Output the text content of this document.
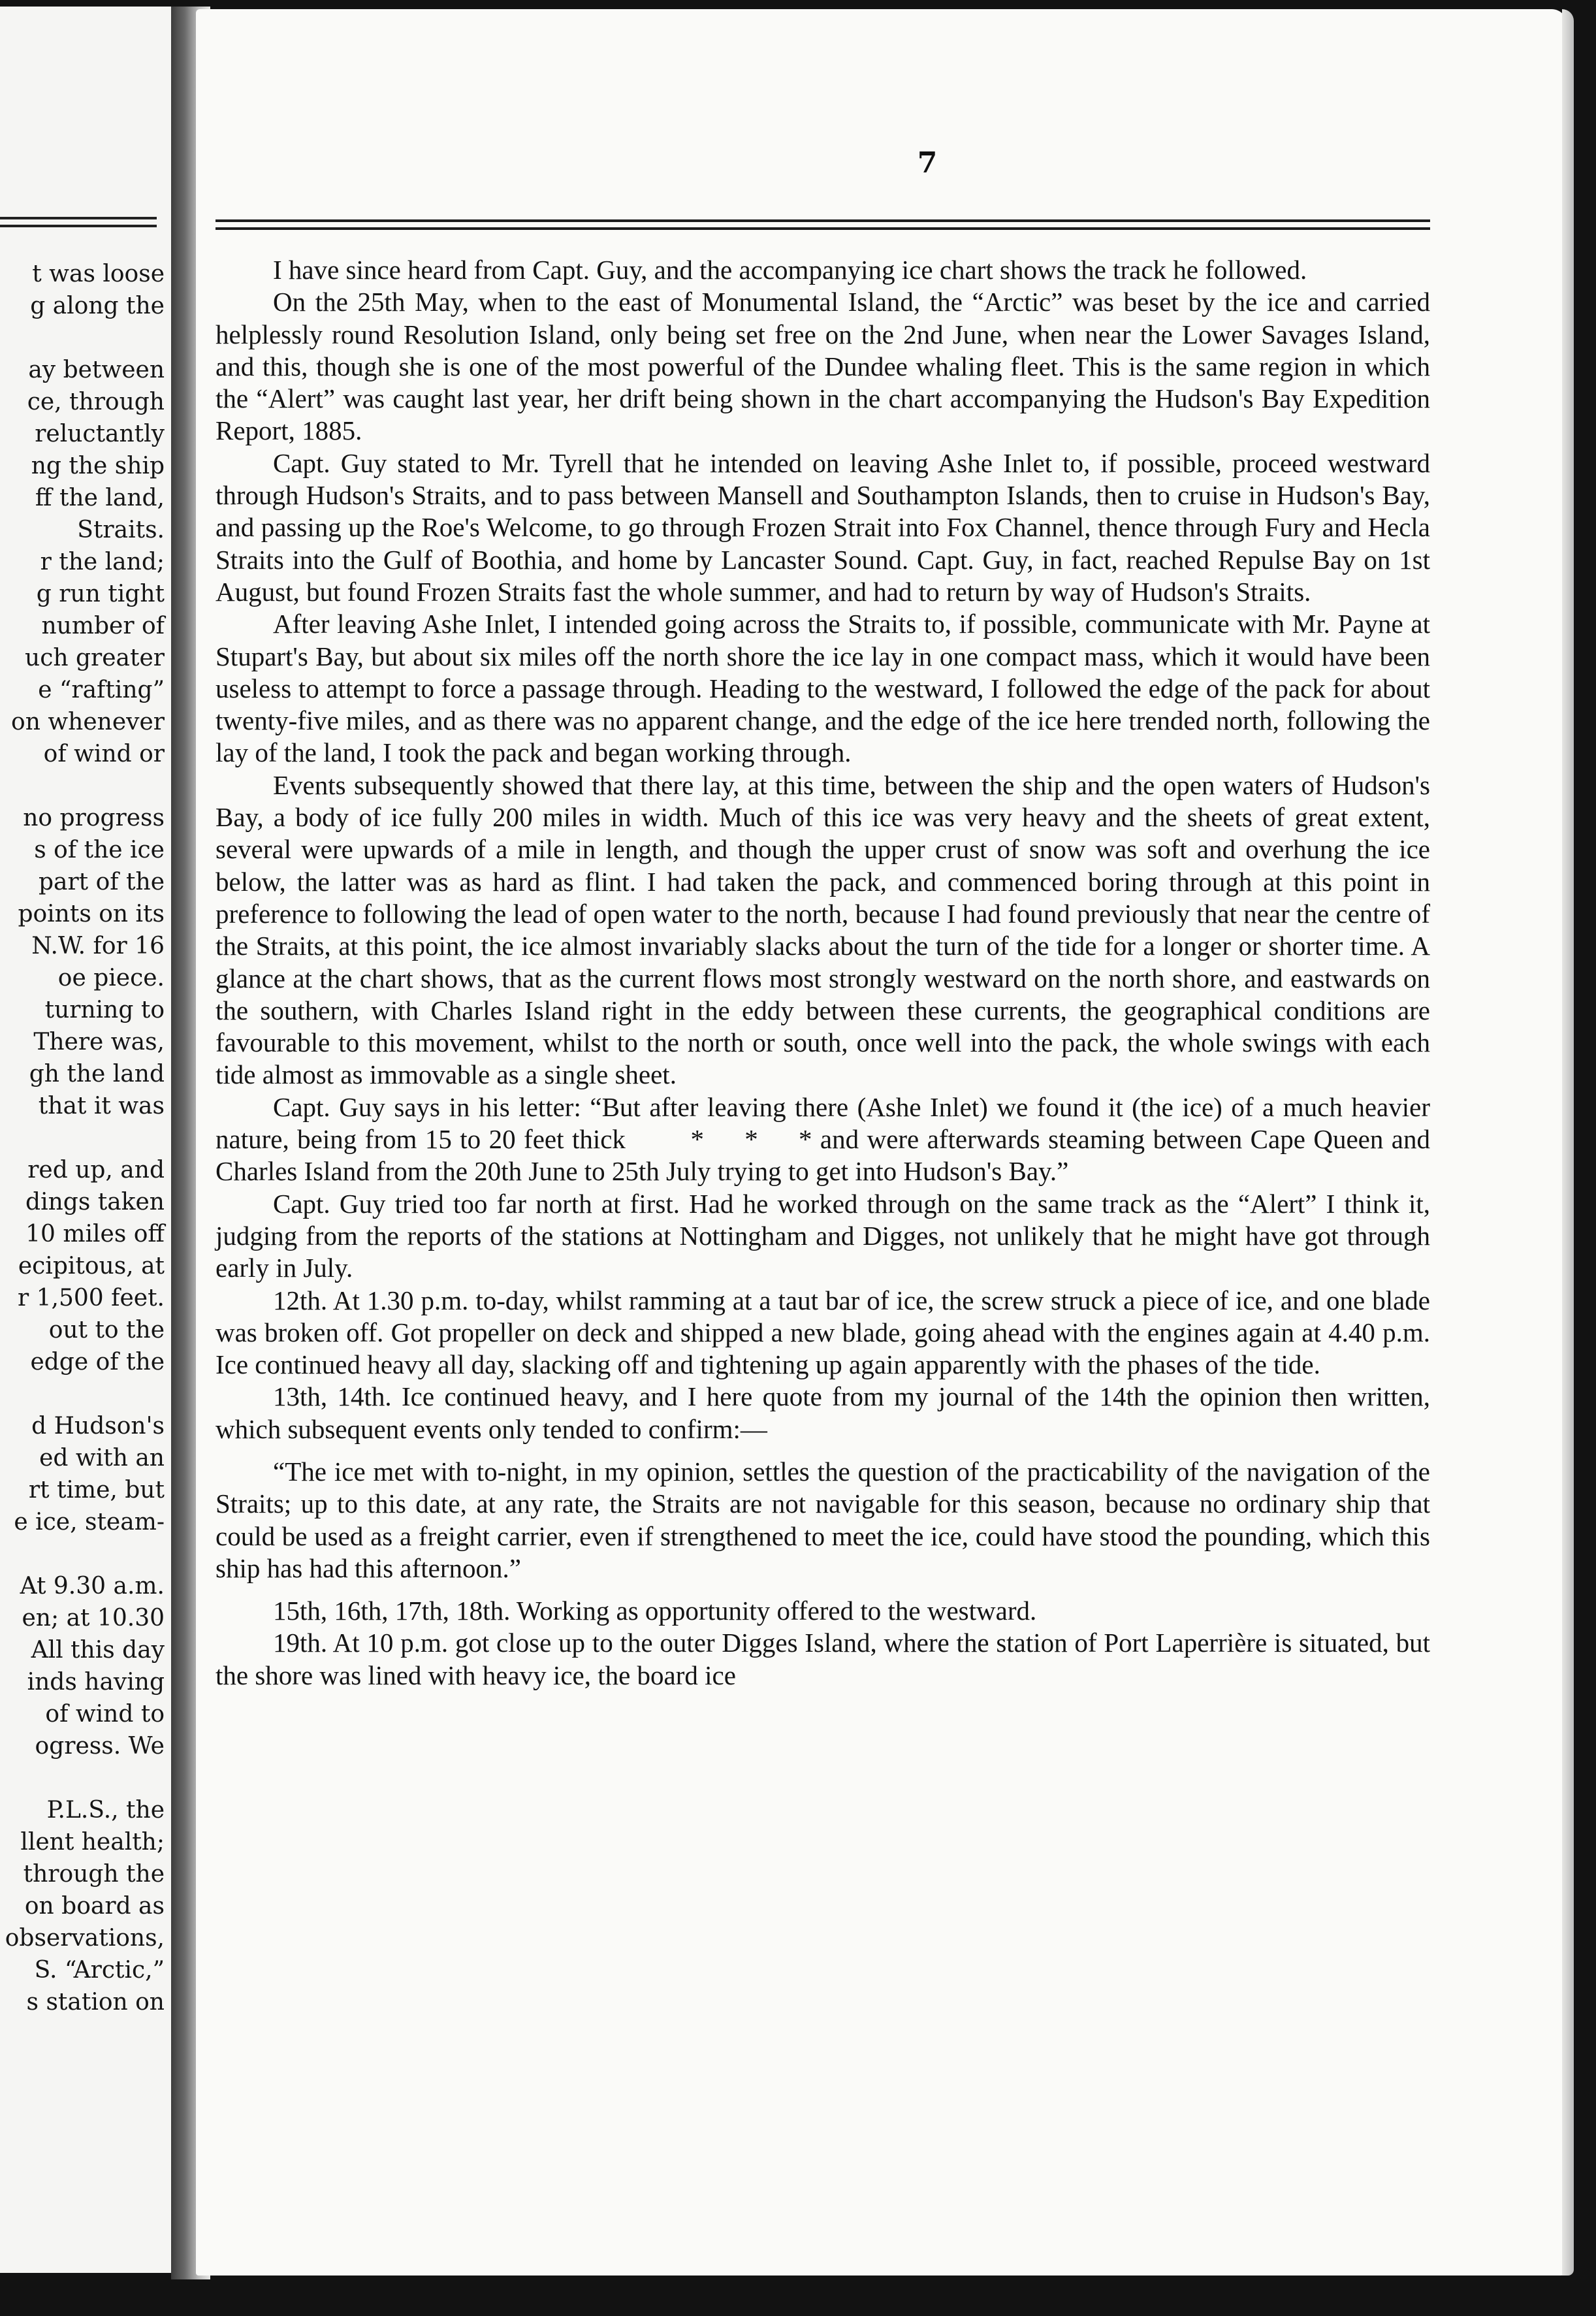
t was loose
g along the
ay between
ce, through
reluctantly
ng the ship
ff the land,
Straits.
r the land;
g run tight
number of
uch greater
e “rafting”
on whenever
of wind or
no progress
s of the ice
part of the
points on its
N.W. for 16
oe piece.
turning to
There was,
gh the land
that it was
red up, and
dings taken
10 miles off
ecipitous, at
r 1,500 feet.
out to the
edge of the
d Hudson's
ed with an
rt time, but
e ice, steam-
At 9.30 a.m.
en; at 10.30
All this day
inds having
of wind to
ogress. We
P.L.S., the
llent health;
through the
on board as
observations,
S. “Arctic,”
s station on
7

I have since heard from Capt. Guy, and the accompanying ice chart shows the track he followed.

On the 25th May, when to the east of Monumental Island, the “Arctic” was beset by the ice and carried helplessly round Resolution Island, only being set free on the 2nd June, when near the Lower Savages Island, and this, though she is one of the most powerful of the Dundee whaling fleet. This is the same region in which the “Alert” was caught last year, her drift being shown in the chart accompanying the Hudson's Bay Expedition Report, 1885.

Capt. Guy stated to Mr. Tyrell that he intended on leaving Ashe Inlet to, if possible, proceed westward through Hudson's Straits, and to pass between Mansell and Southampton Islands, then to cruise in Hudson's Bay, and passing up the Roe's Welcome, to go through Frozen Strait into Fox Channel, thence through Fury and Hecla Straits into the Gulf of Boothia, and home by Lancaster Sound. Capt. Guy, in fact, reached Repulse Bay on 1st August, but found Frozen Straits fast the whole summer, and had to return by way of Hudson's Straits.

After leaving Ashe Inlet, I intended going across the Straits to, if possible, communicate with Mr. Payne at Stupart's Bay, but about six miles off the north shore the ice lay in one compact mass, which it would have been useless to attempt to force a passage through. Heading to the westward, I followed the edge of the pack for about twenty-five miles, and as there was no apparent change, and the edge of the ice here trended north, following the lay of the land, I took the pack and began working through.

Events subsequently showed that there lay, at this time, between the ship and the open waters of Hudson's Bay, a body of ice fully 200 miles in width. Much of this ice was very heavy and the sheets of great extent, several were upwards of a mile in length, and though the upper crust of snow was soft and overhung the ice below, the latter was as hard as flint. I had taken the pack, and commenced boring through at this point in preference to following the lead of open water to the north, because I had found previously that near the centre of the Straits, at this point, the ice almost invariably slacks about the turn of the tide for a longer or shorter time. A glance at the chart shows, that as the current flows most strongly westward on the north shore, and eastwards on the southern, with Charles Island right in the eddy between these currents, the geographical conditions are favourable to this movement, whilst to the north or south, once well into the pack, the whole swings with each tide almost as immovable as a single sheet.

Capt. Guy says in his letter: “But after leaving there (Ashe Inlet) we found it (the ice) of a much heavier nature, being from 15 to 20 feet thick        *     *     * and were afterwards steaming between Cape Queen and Charles Island from the 20th June to 25th July trying to get into Hudson's Bay.”

Capt. Guy tried too far north at first. Had he worked through on the same track as the “Alert” I think it, judging from the reports of the stations at Nottingham and Digges, not unlikely that he might have got through early in July.

12th. At 1.30 p.m. to-day, whilst ramming at a taut bar of ice, the screw struck a piece of ice, and one blade was broken off. Got propeller on deck and shipped a new blade, going ahead with the engines again at 4.40 p.m. Ice continued heavy all day, slacking off and tightening up again apparently with the phases of the tide.

13th, 14th. Ice continued heavy, and I here quote from my journal of the 14th the opinion then written, which subsequent events only tended to confirm:—

“The ice met with to-night, in my opinion, settles the question of the practicability of the navigation of the Straits; up to this date, at any rate, the Straits are not navigable for this season, because no ordinary ship that could be used as a freight carrier, even if strengthened to meet the ice, could have stood the pounding, which this ship has had this afternoon.”

15th, 16th, 17th, 18th. Working as opportunity offered to the westward.

19th. At 10 p.m. got close up to the outer Digges Island, where the station of Port Laperrière is situated, but the shore was lined with heavy ice, the board ice
